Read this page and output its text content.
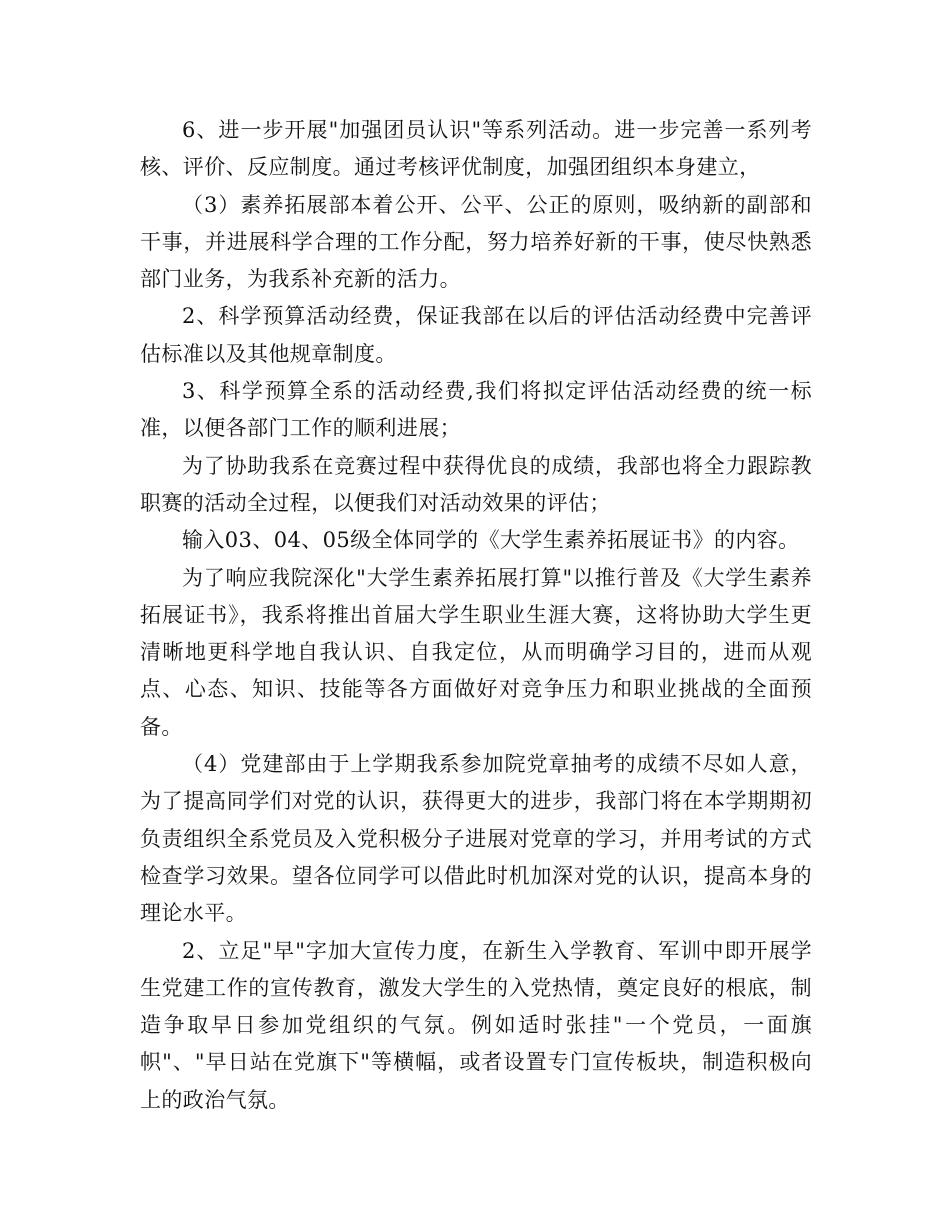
6、进一步开展"加强团员认识"等系列活动。进一步完善一系列考核、评价、反应制度。通过考核评优制度，加强团组织本身建立，

（3）素养拓展部本着公开、公平、公正的原则，吸纳新的副部和干事，并进展科学合理的工作分配，努力培养好新的干事，使尽快熟悉部门业务，为我系补充新的活力。

2、科学预算活动经费，保证我部在以后的评估活动经费中完善评估标准以及其他规章制度。

3、科学预算全系的活动经费,我们将拟定评估活动经费的统一标准，以便各部门工作的顺利进展；

为了协助我系在竞赛过程中获得优良的成绩，我部也将全力跟踪教职赛的活动全过程，以便我们对活动效果的评估；

输入03、04、05级全体同学的《大学生素养拓展证书》的内容。

为了响应我院深化"大学生素养拓展打算"以推行普及《大学生素养拓展证书》，我系将推出首届大学生职业生涯大赛，这将协助大学生更清晰地更科学地自我认识、自我定位，从而明确学习目的，进而从观点、心态、知识、技能等各方面做好对竞争压力和职业挑战的全面预备。

（4）党建部由于上学期我系参加院党章抽考的成绩不尽如人意，为了提高同学们对党的认识，获得更大的进步，我部门将在本学期期初负责组织全系党员及入党积极分子进展对党章的学习，并用考试的方式检查学习效果。望各位同学可以借此时机加深对党的认识，提高本身的理论水平。

2、立足"早"字加大宣传力度，在新生入学教育、军训中即开展学生党建工作的宣传教育，激发大学生的入党热情，奠定良好的根底，制造争取早日参加党组织的气氛。例如适时张挂"一个党员，一面旗帜"、"早日站在党旗下"等横幅，或者设置专门宣传板块，制造积极向上的政治气氛。
